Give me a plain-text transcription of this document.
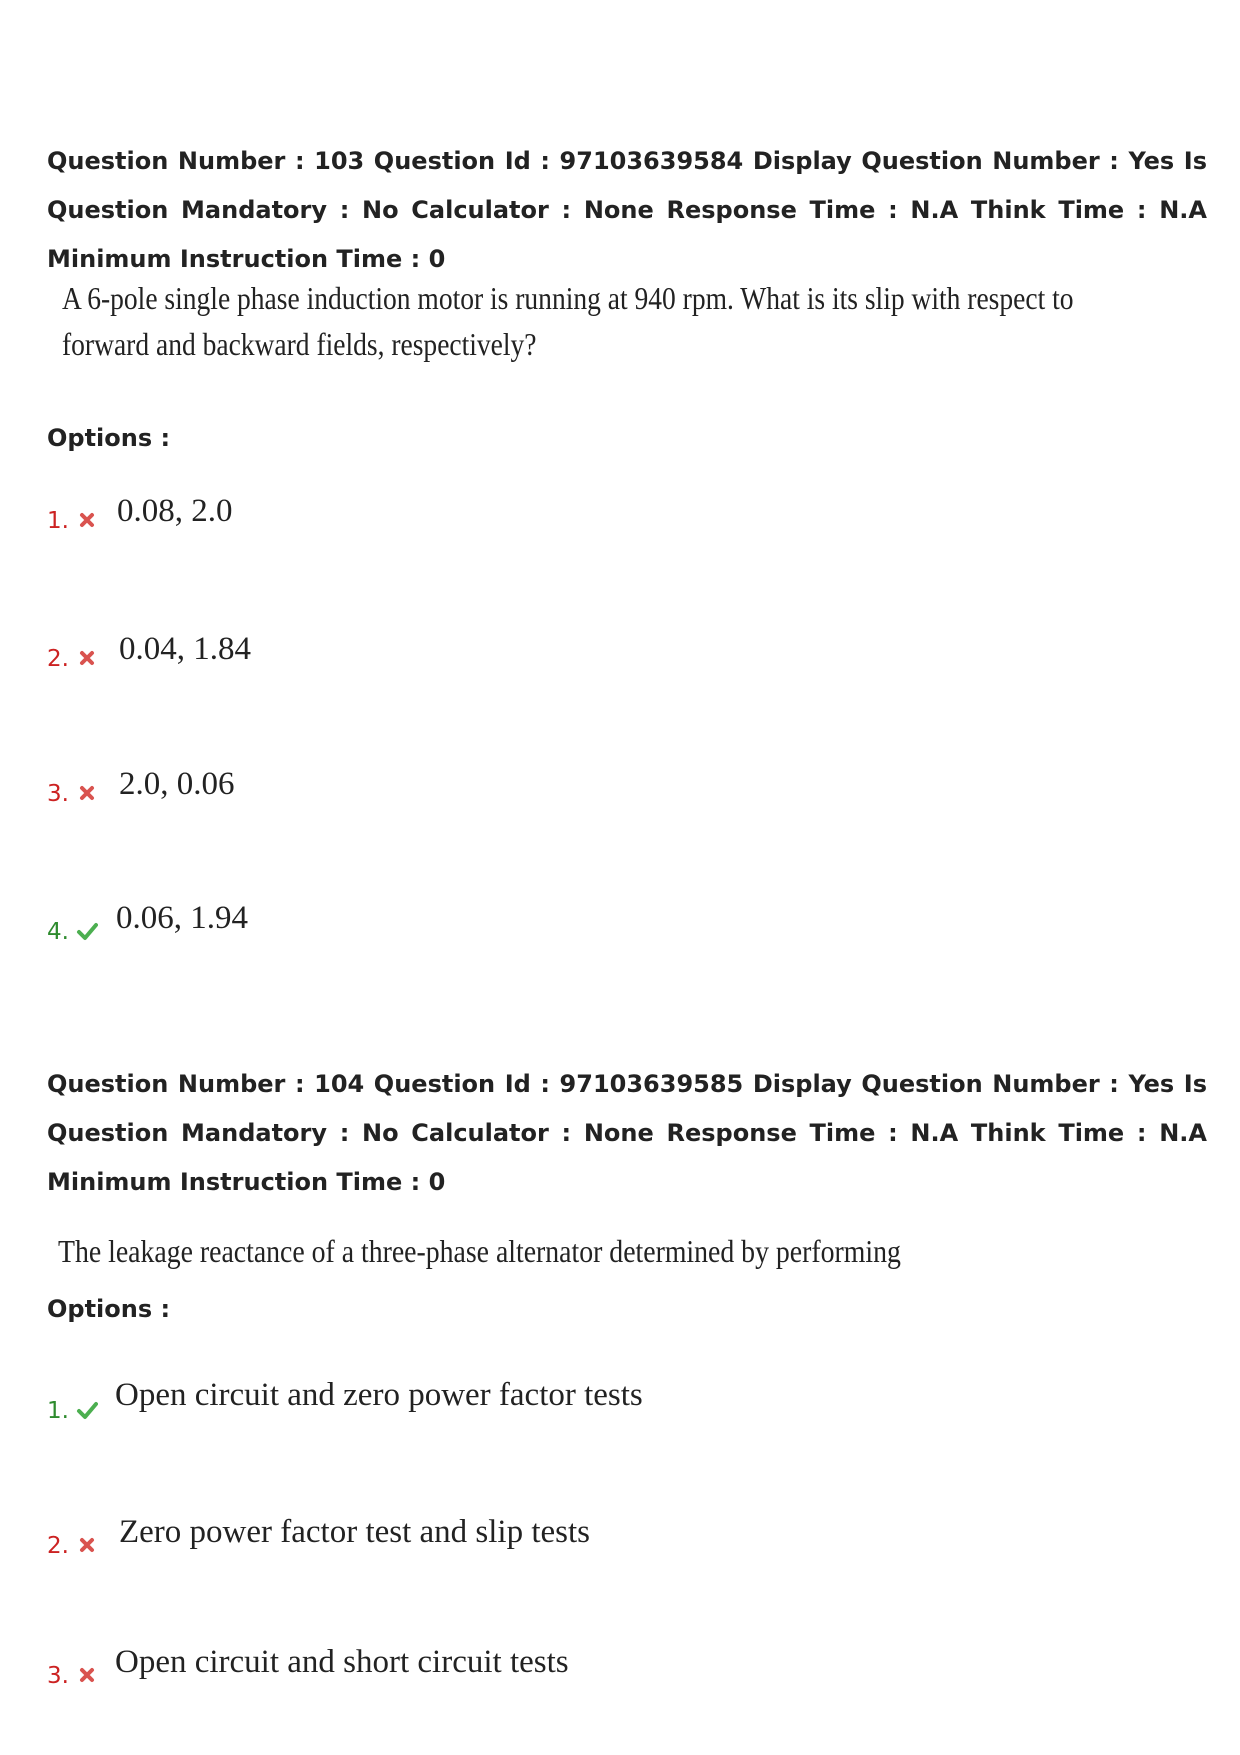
Question Number : 103 Question Id : 97103639584 Display Question Number : Yes Is Question Mandatory : No Calculator : None Response Time : N.A Think Time : N.A Minimum Instruction Time : 0
A 6-pole single phase induction motor is running at 940 rpm. What is its slip with respect to
forward and backward fields, respectively?
Options :
1. 0.08, 2.0
2. 0.04, 1.84
3. 2.0, 0.06
4. 0.06, 1.94
Question Number : 104 Question Id : 97103639585 Display Question Number : Yes Is Question Mandatory : No Calculator : None Response Time : N.A Think Time : N.A Minimum Instruction Time : 0
The leakage reactance of a three-phase alternator determined by performing
Options :
1. Open circuit and zero power factor tests
2. Zero power factor test and slip tests
3. Open circuit and short circuit tests
